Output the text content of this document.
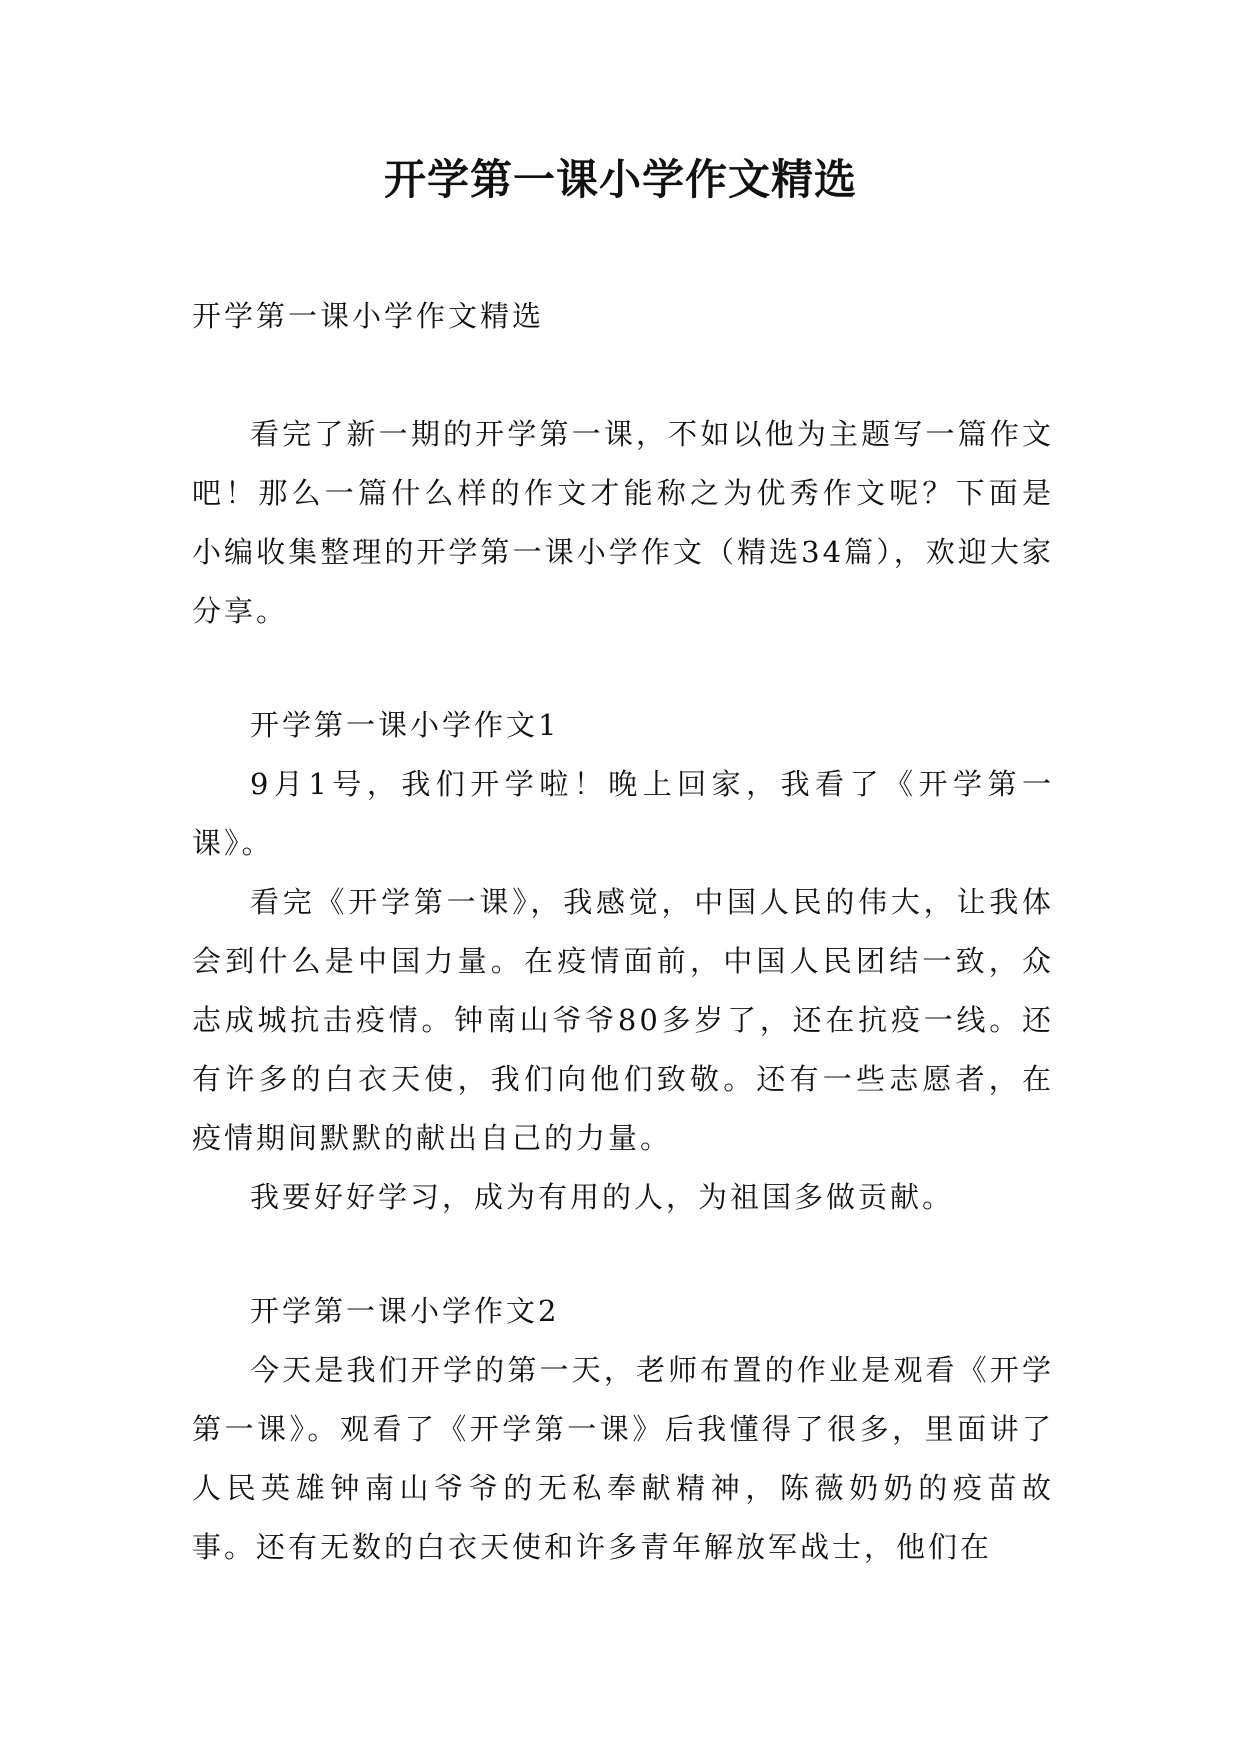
开学第一课小学作文精选

开学第一课小学作文精选

看完了新一期的开学第一课，不如以他为主题写一篇作文吧！那么一篇什么样的作文才能称之为优秀作文呢？下面是小编收集整理的开学第一课小学作文（精选34篇），欢迎大家分享。

开学第一课小学作文1

9月1号，我们开学啦！晚上回家，我看了《开学第一课》。

看完《开学第一课》，我感觉，中国人民的伟大，让我体会到什么是中国力量。在疫情面前，中国人民团结一致，众志成城抗击疫情。钟南山爷爷80多岁了，还在抗疫一线。还有许多的白衣天使，我们向他们致敬。还有一些志愿者，在疫情期间默默的献出自己的力量。

我要好好学习，成为有用的人，为祖国多做贡献。

开学第一课小学作文2

今天是我们开学的第一天，老师布置的作业是观看《开学第一课》。观看了《开学第一课》后我懂得了很多，里面讲了人民英雄钟南山爷爷的无私奉献精神，陈薇奶奶的疫苗故事。还有无数的白衣天使和许多青年解放军战士，他们在
